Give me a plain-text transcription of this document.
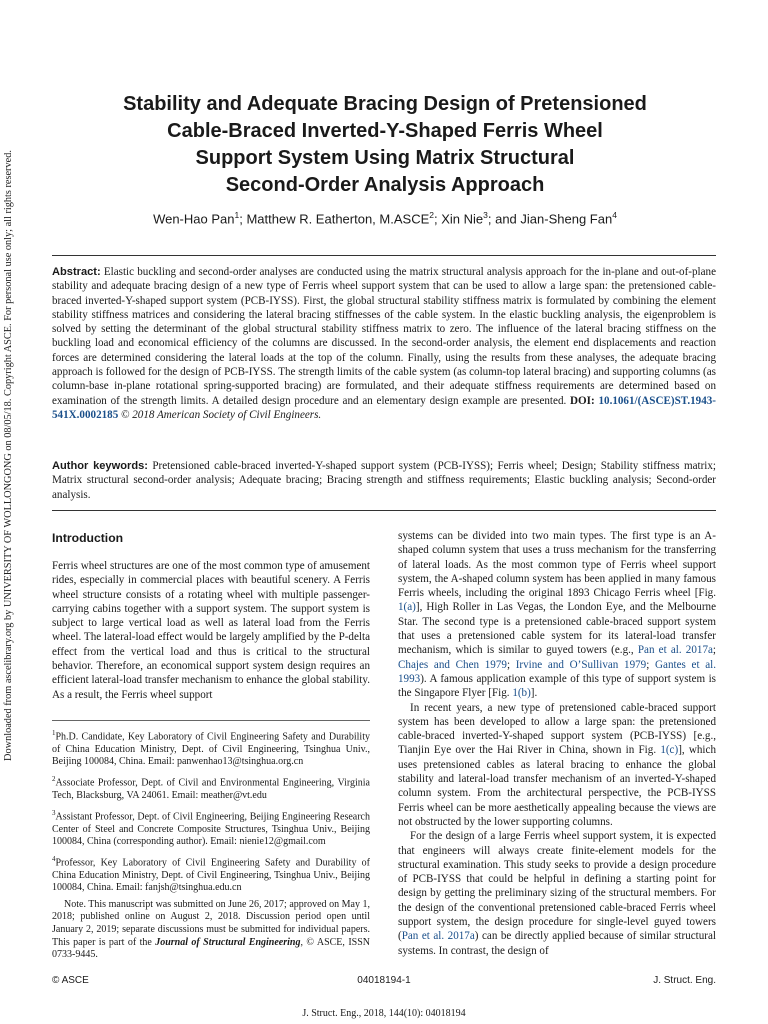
Downloaded from ascelibrary.org by UNIVERSITY OF WOLLONGONG on 08/05/18. Copyright ASCE. For personal use only; all rights reserved.
Stability and Adequate Bracing Design of Pretensioned
Cable-Braced Inverted-Y-Shaped Ferris Wheel
Support System Using Matrix Structural
Second-Order Analysis Approach
Wen-Hao Pan$^1$; Matthew R. Eatherton, M.ASCE$^2$; Xin Nie$^3$; and Jian-Sheng Fan$^4$

Abstract: Elastic buckling and second-order analyses are conducted using the matrix structural analysis approach for the in-plane and out-of-plane stability and adequate bracing design of a new type of Ferris wheel support system that can be used to allow a large span: the pretensioned cable-braced inverted-Y-shaped support system (PCB-IYSS). First, the global structural stability stiffness matrix is formulated by combining the element stability stiffness matrices and considering the lateral bracing stiffnesses of the cable system. In the elastic buckling analysis, the eigenproblem is solved by setting the determinant of the global structural stability stiffness matrix to zero. The influence of the lateral bracing stiffness on the buckling load and economical efficiency of the columns are discussed. In the second-order analysis, the element end displacements and reaction forces are determined considering the lateral loads at the top of the column. Finally, using the results from these analyses, the adequate bracing approach is followed for the design of PCB-IYSS. The strength limits of the cable system (as column-top lateral bracing) and supporting columns (as column-base in-plane rotational spring-supported bracing) are formulated, and their adequate stiffness requirements are determined based on examination of the strength limits. A detailed design procedure and an elementary design example are presented. DOI: 10.1061/(ASCE)ST.1943-541X.0002185 © 2018 American Society of Civil Engineers.

Author keywords: Pretensioned cable-braced inverted-Y-shaped support system (PCB-IYSS); Ferris wheel; Design; Stability stiffness matrix; Matrix structural second-order analysis; Adequate bracing; Bracing strength and stiffness requirements; Elastic buckling analysis; Second-order analysis.

Introduction

Ferris wheel structures are one of the most common type of amusement rides, especially in commercial places with beautiful scenery. A Ferris wheel structure consists of a rotating wheel with multiple passenger-carrying cabins together with a support system. The support system is subject to large vertical load as well as lateral load from the Ferris wheel. The lateral-load effect would be largely amplified by the P-delta effect from the vertical load and thus is critical to the structural behavior. Therefore, an economical support system design requires an efficient lateral-load transfer mechanism to enhance the global stability. As a result, the Ferris wheel support

$^1$Ph.D. Candidate, Key Laboratory of Civil Engineering Safety and Durability of China Education Ministry, Dept. of Civil Engineering, Tsinghua Univ., Beijing 100084, China. Email: panwenhao13@tsinghua.org.cn

$^2$Associate Professor, Dept. of Civil and Environmental Engineering, Virginia Tech, Blacksburg, VA 24061. Email: meather@vt.edu

$^3$Assistant Professor, Dept. of Civil Engineering, Beijing Engineering Research Center of Steel and Concrete Composite Structures, Tsinghua Univ., Beijing 100084, China (corresponding author). Email: nienie12@gmail.com

$^4$Professor, Key Laboratory of Civil Engineering Safety and Durability of China Education Ministry, Dept. of Civil Engineering, Tsinghua Univ., Beijing 100084, China. Email: fanjsh@tsinghua.edu.cn

Note. This manuscript was submitted on June 26, 2017; approved on May 1, 2018; published online on August 2, 2018. Discussion period open until January 2, 2019; separate discussions must be submitted for individual papers. This paper is part of the Journal of Structural Engineering, © ASCE, ISSN 0733-9445.

systems can be divided into two main types. The first type is an A-shaped column system that uses a truss mechanism for the transferring of lateral loads. As the most common type of Ferris wheel support system, the A-shaped column system has been applied in many famous Ferris wheels, including the original 1893 Chicago Ferris wheel [Fig. 1(a)], High Roller in Las Vegas, the London Eye, and the Melbourne Star. The second type is a pretensioned cable-braced support system that uses a pretensioned cable system for its lateral-load transfer mechanism, which is similar to guyed towers (e.g., Pan et al. 2017a; Chajes and Chen 1979; Irvine and O’Sullivan 1979; Gantes et al. 1993). A famous application example of this type of support system is the Singapore Flyer [Fig. 1(b)].

In recent years, a new type of pretensioned cable-braced support system has been developed to allow a large span: the pretensioned cable-braced inverted-Y-shaped support system (PCB-IYSS) [e.g., Tianjin Eye over the Hai River in China, shown in Fig. 1(c)], which uses pretensioned cables as lateral bracing to enhance the global stability and lateral-load transfer mechanism of an inverted-Y-shaped column system. From the architectural perspective, the PCB-IYSS Ferris wheel can be more aesthetically appealing because the views are not obstructed by the lower supporting columns.

For the design of a large Ferris wheel support system, it is expected that engineers will always create finite-element models for the structural examination. This study seeks to provide a design procedure of PCB-IYSS that could be helpful in defining a starting point for design by getting the preliminary sizing of the structural members. For the design of the conventional pretensioned cable-braced Ferris wheel support system, the design procedure for single-level guyed towers (Pan et al. 2017a) can be directly applied because of similar structural systems. In contrast, the design of

© ASCE	04018194-1	J. Struct. Eng.
J. Struct. Eng., 2018, 144(10): 04018194
